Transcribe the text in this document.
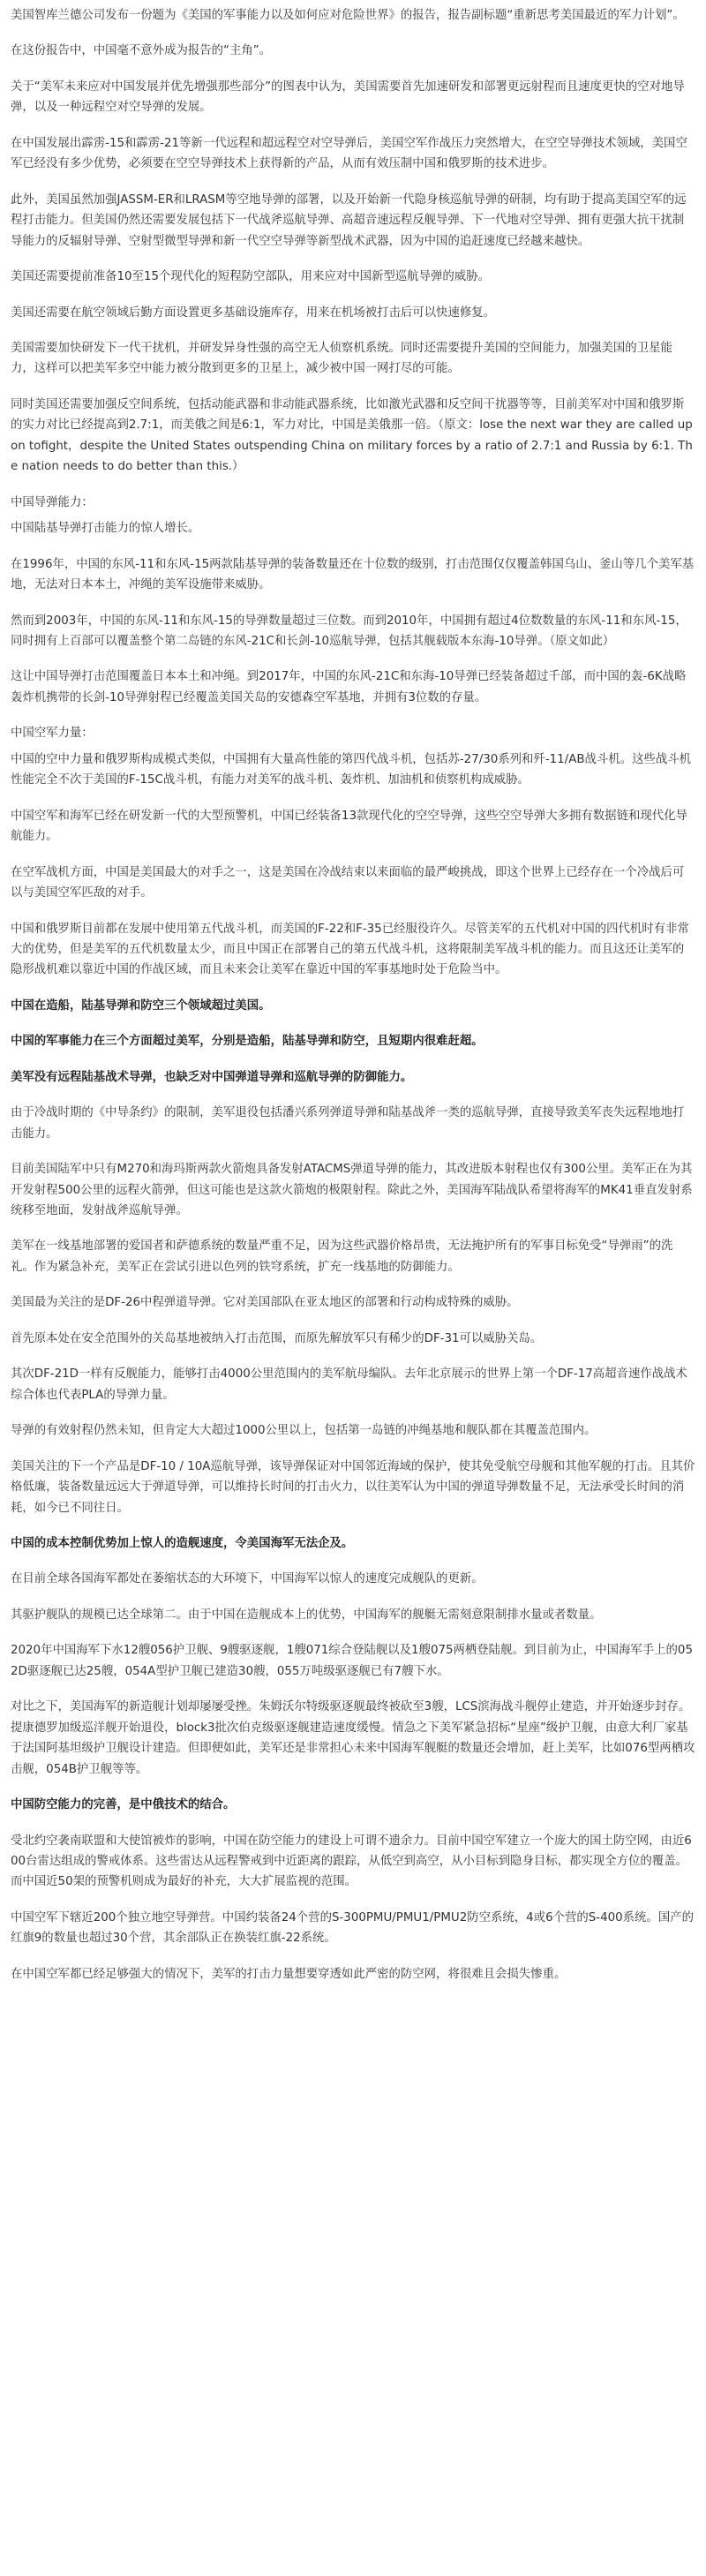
美国智库兰德公司发布一份题为《美国的军事能力以及如何应对危险世界》的报告，报告副标题“重新思考美国最近的军力计划”。

在这份报告中，中国毫不意外成为报告的“主角”。

关于“美军未来应对中国发展并优先增强那些部分”的图表中认为，美国需要首先加速研发和部署更远射程而且速度更快的空对地导弹，以及一种远程空对空导弹的发展。

在中国发展出霹雳-15和霹雳-21等新一代远程和超远程空对空导弹后，美国空军作战压力突然增大，在空空导弹技术领域，美国空军已经没有多少优势，必须要在空空导弹技术上获得新的产品，从而有效压制中国和俄罗斯的技术进步。

此外，美国虽然加强JASSM-ER和LRASM等空地导弹的部署，以及开始新一代隐身核巡航导弹的研制，均有助于提高美国空军的远程打击能力。但美国仍然还需要发展包括下一代战斧巡航导弹、高超音速远程反舰导弹、下一代地对空导弹、拥有更强大抗干扰制导能力的反辐射导弹、空射型微型导弹和新一代空空导弹等新型战术武器，因为中国的追赶速度已经越来越快。

美国还需要提前准备10至15个现代化的短程防空部队，用来应对中国新型巡航导弹的威胁。

美国还需要在航空领域后勤方面设置更多基础设施库存，用来在机场被打击后可以快速修复。

美国需要加快研发下一代干扰机，并研发异身性强的高空无人侦察机系统。同时还需要提升美国的空间能力，加强美国的卫星能力，这样可以把美军多空中能力被分散到更多的卫星上，减少被中国一网打尽的可能。

同时美国还需要加强反空间系统，包括动能武器和非动能武器系统，比如激光武器和反空间干扰器等等，目前美军对中国和俄罗斯的实力对比已经提高到2.7:1，而美俄之间是6:1，军力对比，中国是美俄那一倍。（原文：lose the next war they are called upon tofight，despite the United States outspending China on military forces by a ratio of 2.7:1 and Russia by 6:1. The nation needs to do better than this.）

中国导弹能力：

中国陆基导弹打击能力的惊人增长。

在1996年，中国的东风-11和东风-15两款陆基导弹的装备数量还在十位数的级别，打击范围仅仅覆盖韩国乌山、釜山等几个美军基地，无法对日本本土，冲绳的美军设施带来威胁。

然而到2003年，中国的东风-11和东风-15的导弹数量超过三位数。而到2010年，中国拥有超过4位数数量的东风-11和东风-15，同时拥有上百部可以覆盖整个第二岛链的东风-21C和长剑-10巡航导弹，包括其舰载版本东海-10导弹。（原文如此）

这让中国导弹打击范围覆盖日本本土和冲绳。到2017年，中国的东风-21C和东海-10导弹已经装备超过千部，而中国的轰-6K战略轰炸机携带的长剑-10导弹射程已经覆盖美国关岛的安德森空军基地，并拥有3位数的存量。

中国空军力量：

中国的空中力量和俄罗斯构成模式类似，中国拥有大量高性能的第四代战斗机，包括苏-27/30系列和歼-11/AB战斗机。这些战斗机性能完全不次于美国的F-15C战斗机，有能力对美军的战斗机、轰炸机、加油机和侦察机构成威胁。

中国空军和海军已经在研发新一代的大型预警机，中国已经装备13款现代化的空空导弹，这些空空导弹大多拥有数据链和现代化导航能力。

在空军战机方面，中国是美国最大的对手之一，这是美国在冷战结束以来面临的最严峻挑战，即这个世界上已经存在一个冷战后可以与美国空军匹敌的对手。

中国和俄罗斯目前都在发展中使用第五代战斗机，而美国的F-22和F-35已经服役许久。尽管美军的五代机对中国的四代机时有非常大的优势，但是美军的五代机数量太少，而且中国正在部署自己的第五代战斗机，这将限制美军战斗机的能力。而且这还让美军的隐形战机难以靠近中国的作战区域，而且未来会让美军在靠近中国的军事基地时处于危险当中。

中国在造船，陆基导弹和防空三个领域超过美国。

中国的军事能力在三个方面超过美军，分别是造船，陆基导弹和防空，且短期内很难赶超。

美军没有远程陆基战术导弹，也缺乏对中国弹道导弹和巡航导弹的防御能力。

由于冷战时期的《中导条约》的限制，美军退役包括潘兴系列弹道导弹和陆基战斧一类的巡航导弹，直接导致美军丧失远程地地打击能力。

目前美国陆军中只有M270和海玛斯两款火箭炮具备发射ATACMS弹道导弹的能力，其改进版本射程也仅有300公里。美军正在为其开发射程500公里的远程火箭弹，但这可能也是这款火箭炮的极限射程。除此之外，美国海军陆战队希望将海军的MK41垂直发射系统移至地面，发射战斧巡航导弹。

美军在一线基地部署的爱国者和萨德系统的数量严重不足，因为这些武器价格昂贵，无法掩护所有的军事目标免受“导弹雨”的洗礼。作为紧急补充，美军正在尝试引进以色列的铁穹系统，扩充一线基地的防御能力。

美国最为关注的是DF-26中程弹道导弹。它对美国部队在亚太地区的部署和行动构成特殊的威胁。

首先原本处在安全范围外的关岛基地被纳入打击范围，而原先解放军只有稀少的DF-31可以威胁关岛。

其次DF-21D一样有反舰能力，能够打击4000公里范围内的美军航母编队。去年北京展示的世界上第一个DF-17高超音速作战战术综合体也代表PLA的导弹力量。

导弹的有效射程仍然未知，但肯定大大超过1000公里以上，包括第一岛链的冲绳基地和舰队都在其覆盖范围内。

美国关注的下一个产品是DF-10 / 10A巡航导弹，该导弹保证对中国邻近海域的保护，使其免受航空母舰和其他军舰的打击。且其价格低廉，装备数量远远大于弹道导弹，可以维持长时间的打击火力，以往美军认为中国的弹道导弹数量不足，无法承受长时间的消耗，如今已不同往日。

中国的成本控制优势加上惊人的造舰速度，令美国海军无法企及。

在目前全球各国海军都处在萎缩状态的大环境下，中国海军以惊人的速度完成舰队的更新。

其驱护舰队的规模已达全球第二。由于中国在造舰成本上的优势，中国海军的舰艇无需刻意限制排水量或者数量。

2020年中国海军下水12艘056护卫舰、9艘驱逐舰，1艘071综合登陆舰以及1艘075两栖登陆舰。到目前为止，中国海军手上的052D驱逐舰已达25艘，054A型护卫舰已建造30艘，055万吨级驱逐舰已有7艘下水。

对比之下，美国海军的新造舰计划却屡屡受挫。朱姆沃尔特级驱逐舰最终被砍至3艘，LCS滨海战斗舰停止建造，并开始逐步封存。提康德罗加级巡洋舰开始退役，block3批次伯克级驱逐舰建造速度缓慢。情急之下美军紧急招标“星座”级护卫舰，由意大利厂家基于法国阿基坦级护卫舰设计建造。但即便如此，美军还是非常担心未来中国海军舰艇的数量还会增加，赶上美军，比如076型两栖攻击舰，054B护卫舰等等。

中国防空能力的完善，是中俄技术的结合。

受北约空袭南联盟和大使馆被炸的影响，中国在防空能力的建设上可谓不遗余力。目前中国空军建立一个庞大的国土防空网，由近600台雷达组成的警戒体系。这些雷达从远程警戒到中近距离的跟踪，从低空到高空，从小目标到隐身目标，都实现全方位的覆盖。而中国近50架的预警机则成为最好的补充，大大扩展监视的范围。

中国空军下辖近200个独立地空导弹营。中国约装备24个营的S-300PMU/PMU1/PMU2防空系统，4或6个营的S-400系统。国产的红旗9的数量也超过30个营，其余部队正在换装红旗-22系统。

在中国空军都已经足够强大的情况下，美军的打击力量想要穿透如此严密的防空网，将很难且会损失惨重。
